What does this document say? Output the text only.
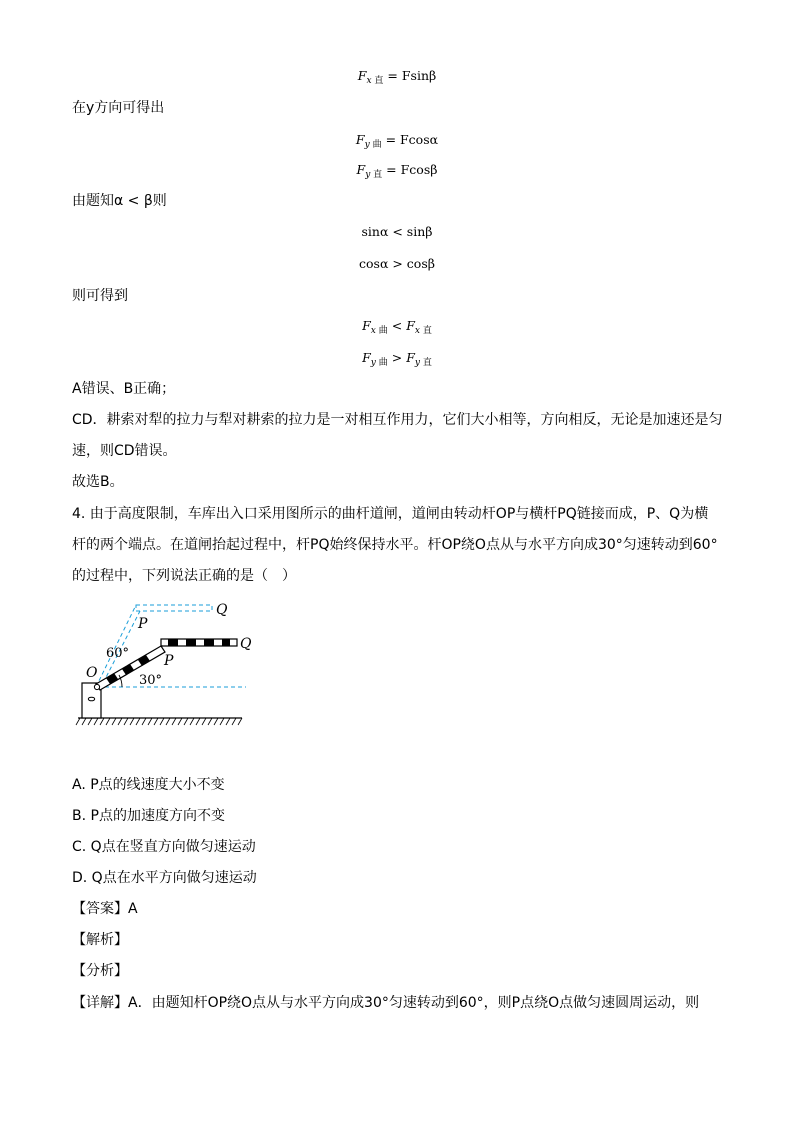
$F_{x 直} = Fsin\beta$
在y方向可得出
$F_{y 曲} = Fcos\alpha$
$F_{y 直} = Fcos\beta$
由题知α < β则
sinα < sinβ
cosα > cosβ
则可得到
$F_{x 曲} < F_{x 直}$
$F_{y 曲} > F_{y 直}$
A错误、B正确；
CD．耕索对犁的拉力与犁对耕索的拉力是一对相互作用力，它们大小相等，方向相反，无论是加速还是匀
速，则CD错误。
故选B。
4. 由于高度限制，车库出入口采用图所示的曲杆道闸，道闸由转动杆OP与横杆PQ链接而成，P、Q为横
杆的两个端点。在道闸抬起过程中，杆PQ始终保持水平。杆OP绕O点从与水平方向成30°匀速转动到60°
的过程中，下列说法正确的是（　）
O
P
Q
P
Q
60°
30°
A. P点的线速度大小不变
B. P点的加速度方向不变
C. Q点在竖直方向做匀速运动
D. Q点在水平方向做匀速运动
【答案】A
【解析】
【分析】
【详解】A．由题知杆OP绕O点从与水平方向成30°匀速转动到60°，则P点绕O点做匀速圆周运动，则
